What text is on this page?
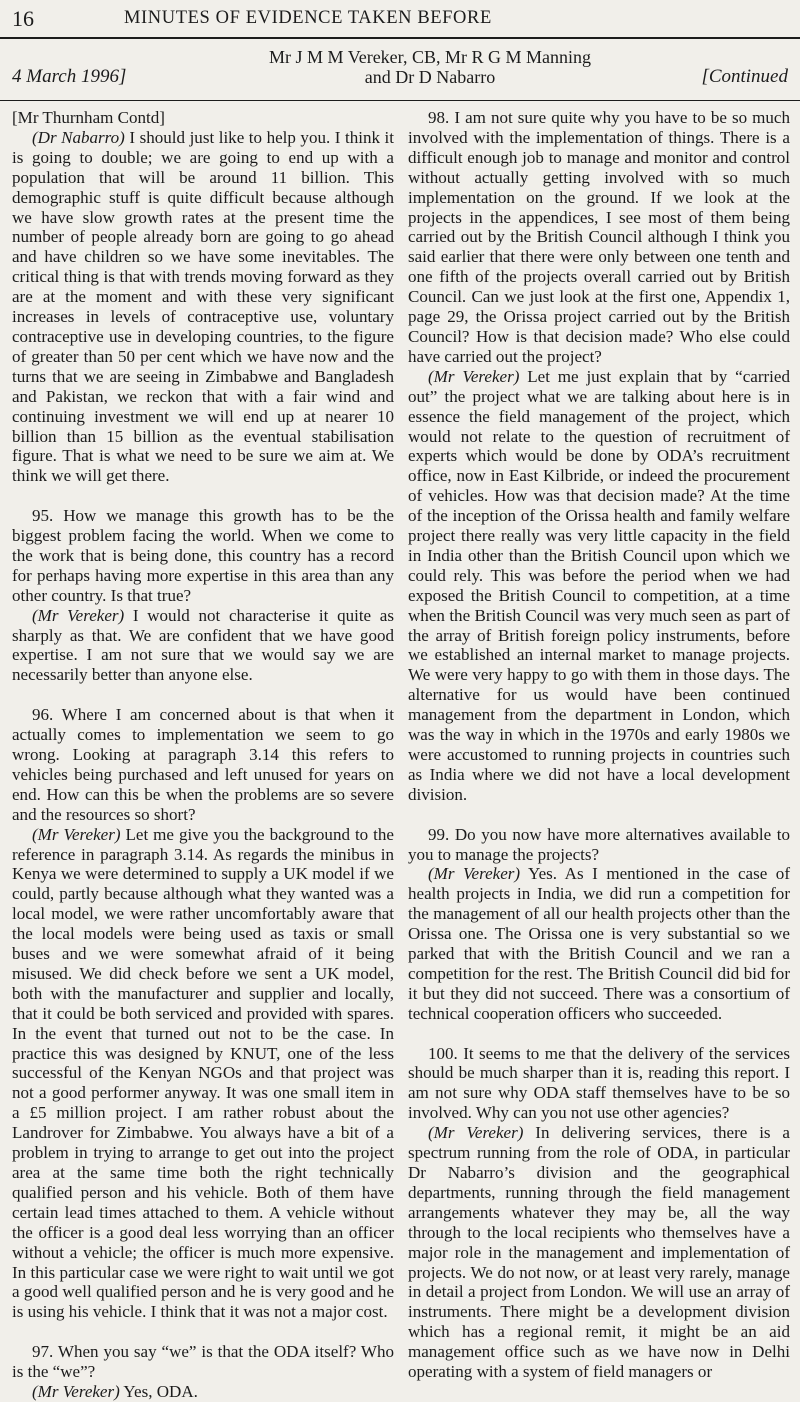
16	MINUTES OF EVIDENCE TAKEN BEFORE
4 March 1996]
Mr J M M Vereker, CB, Mr R G M Manning
and Dr D Nabarro	[Continued

[Mr Thurnham Contd]

(Dr Nabarro) I should just like to help you. I think it is going to double; we are going to end up with a population that will be around 11 billion. This demographic stuff is quite difficult because although we have slow growth rates at the present time the number of people already born are going to go ahead and have children so we have some inevitables. The critical thing is that with trends moving forward as they are at the moment and with these very significant increases in levels of contraceptive use, voluntary contraceptive use in developing countries, to the figure of greater than 50 per cent which we have now and the turns that we are seeing in Zimbabwe and Bangladesh and Pakistan, we reckon that with a fair wind and continuing investment we will end up at nearer 10 billion than 15 billion as the eventual stabilisation figure. That is what we need to be sure we aim at. We think we will get there.

95. How we manage this growth has to be the biggest problem facing the world. When we come to the work that is being done, this country has a record for perhaps having more expertise in this area than any other country. Is that true?

(Mr Vereker) I would not characterise it quite as sharply as that. We are confident that we have good expertise. I am not sure that we would say we are necessarily better than anyone else.

96. Where I am concerned about is that when it actually comes to implementation we seem to go wrong. Looking at paragraph 3.14 this refers to vehicles being purchased and left unused for years on end. How can this be when the problems are so severe and the resources so short?

(Mr Vereker) Let me give you the background to the reference in paragraph 3.14. As regards the minibus in Kenya we were determined to supply a UK model if we could, partly because although what they wanted was a local model, we were rather uncomfortably aware that the local models were being used as taxis or small buses and we were somewhat afraid of it being misused. We did check before we sent a UK model, both with the manufacturer and supplier and locally, that it could be both serviced and provided with spares. In the event that turned out not to be the case. In practice this was designed by KNUT, one of the less successful of the Kenyan NGOs and that project was not a good performer anyway. It was one small item in a £5 million project. I am rather robust about the Landrover for Zimbabwe. You always have a bit of a problem in trying to arrange to get out into the project area at the same time both the right technically qualified person and his vehicle. Both of them have certain lead times attached to them. A vehicle without the officer is a good deal less worrying than an officer without a vehicle; the officer is much more expensive. In this particular case we were right to wait until we got a good well qualified person and he is very good and he is using his vehicle. I think that it was not a major cost.

97. When you say “we” is that the ODA itself? Who is the “we”?

(Mr Vereker) Yes, ODA.

98. I am not sure quite why you have to be so much involved with the implementation of things. There is a difficult enough job to manage and monitor and control without actually getting involved with so much implementation on the ground. If we look at the projects in the appendices, I see most of them being carried out by the British Council although I think you said earlier that there were only between one tenth and one fifth of the projects overall carried out by British Council. Can we just look at the first one, Appendix 1, page 29, the Orissa project carried out by the British Council? How is that decision made? Who else could have carried out the project?

(Mr Vereker) Let me just explain that by “carried out” the project what we are talking about here is in essence the field management of the project, which would not relate to the question of recruitment of experts which would be done by ODA’s recruitment office, now in East Kilbride, or indeed the procurement of vehicles. How was that decision made? At the time of the inception of the Orissa health and family welfare project there really was very little capacity in the field in India other than the British Council upon which we could rely. This was before the period when we had exposed the British Council to competition, at a time when the British Council was very much seen as part of the array of British foreign policy instruments, before we established an internal market to manage projects. We were very happy to go with them in those days. The alternative for us would have been continued management from the department in London, which was the way in which in the 1970s and early 1980s we were accustomed to running projects in countries such as India where we did not have a local development division.

99. Do you now have more alternatives available to you to manage the projects?

(Mr Vereker) Yes. As I mentioned in the case of health projects in India, we did run a competition for the management of all our health projects other than the Orissa one. The Orissa one is very substantial so we parked that with the British Council and we ran a competition for the rest. The British Council did bid for it but they did not succeed. There was a consortium of technical cooperation officers who succeeded.

100. It seems to me that the delivery of the services should be much sharper than it is, reading this report. I am not sure why ODA staff themselves have to be so involved. Why can you not use other agencies?

(Mr Vereker) In delivering services, there is a spectrum running from the role of ODA, in particular Dr Nabarro’s division and the geographical departments, running through the field management arrangements whatever they may be, all the way through to the local recipients who themselves have a major role in the management and implementation of projects. We do not now, or at least very rarely, manage in detail a project from London. We will use an array of instruments. There might be a development division which has a regional remit, it might be an aid management office such as we have now in Delhi operating with a system of field managers or
